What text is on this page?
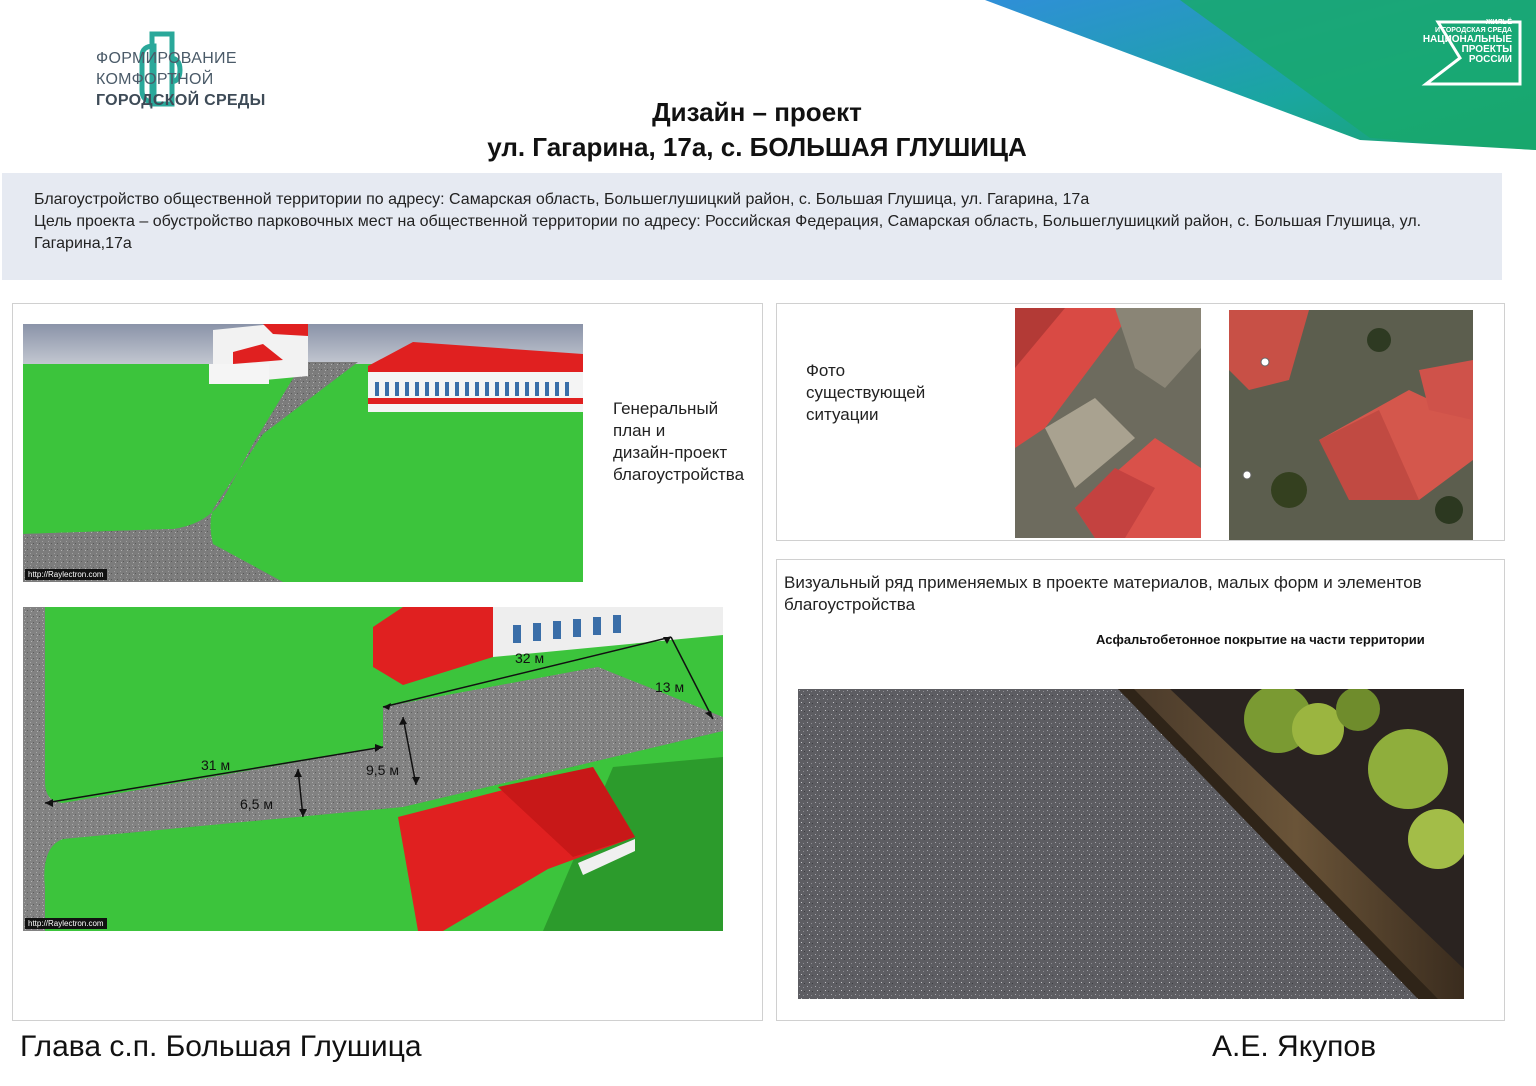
ФОРМИРОВАНИЕ
КОМФОРТНОЙ
ГОРОДСКОЙ СРЕДЫ
ЖИЛЬЁ
И ГОРОДСКАЯ СРЕДА
НАЦИОНАЛЬНЫЕ
ПРОЕКТЫ
РОССИИ
Дизайн – проект
ул. Гагарина, 17а, с. БОЛЬШАЯ ГЛУШИЦА
Благоустройство общественной территории по адресу: Самарская область, Большеглушицкий район, с. Большая Глушица, ул. Гагарина, 17а
Цель проекта – обустройство парковочных мест на общественной территории по адресу: Российская Федерация, Самарская область, Большеглушицкий район, с. Большая Глушица, ул. Гагарина,17а
http://Raylectron.com
Генеральный
план и
дизайн-проект
благоустройства
32 м
13 м
31 м	9,5 м
6,5 м
http://Raylectron.com
Фото
существующей
ситуации
Визуальный ряд применяемых в проекте материалов, малых форм и элементов благоустройства
Асфальтобетонное покрытие на части территории
Глава с.п. Большая Глушица	А.Е. Якупов
